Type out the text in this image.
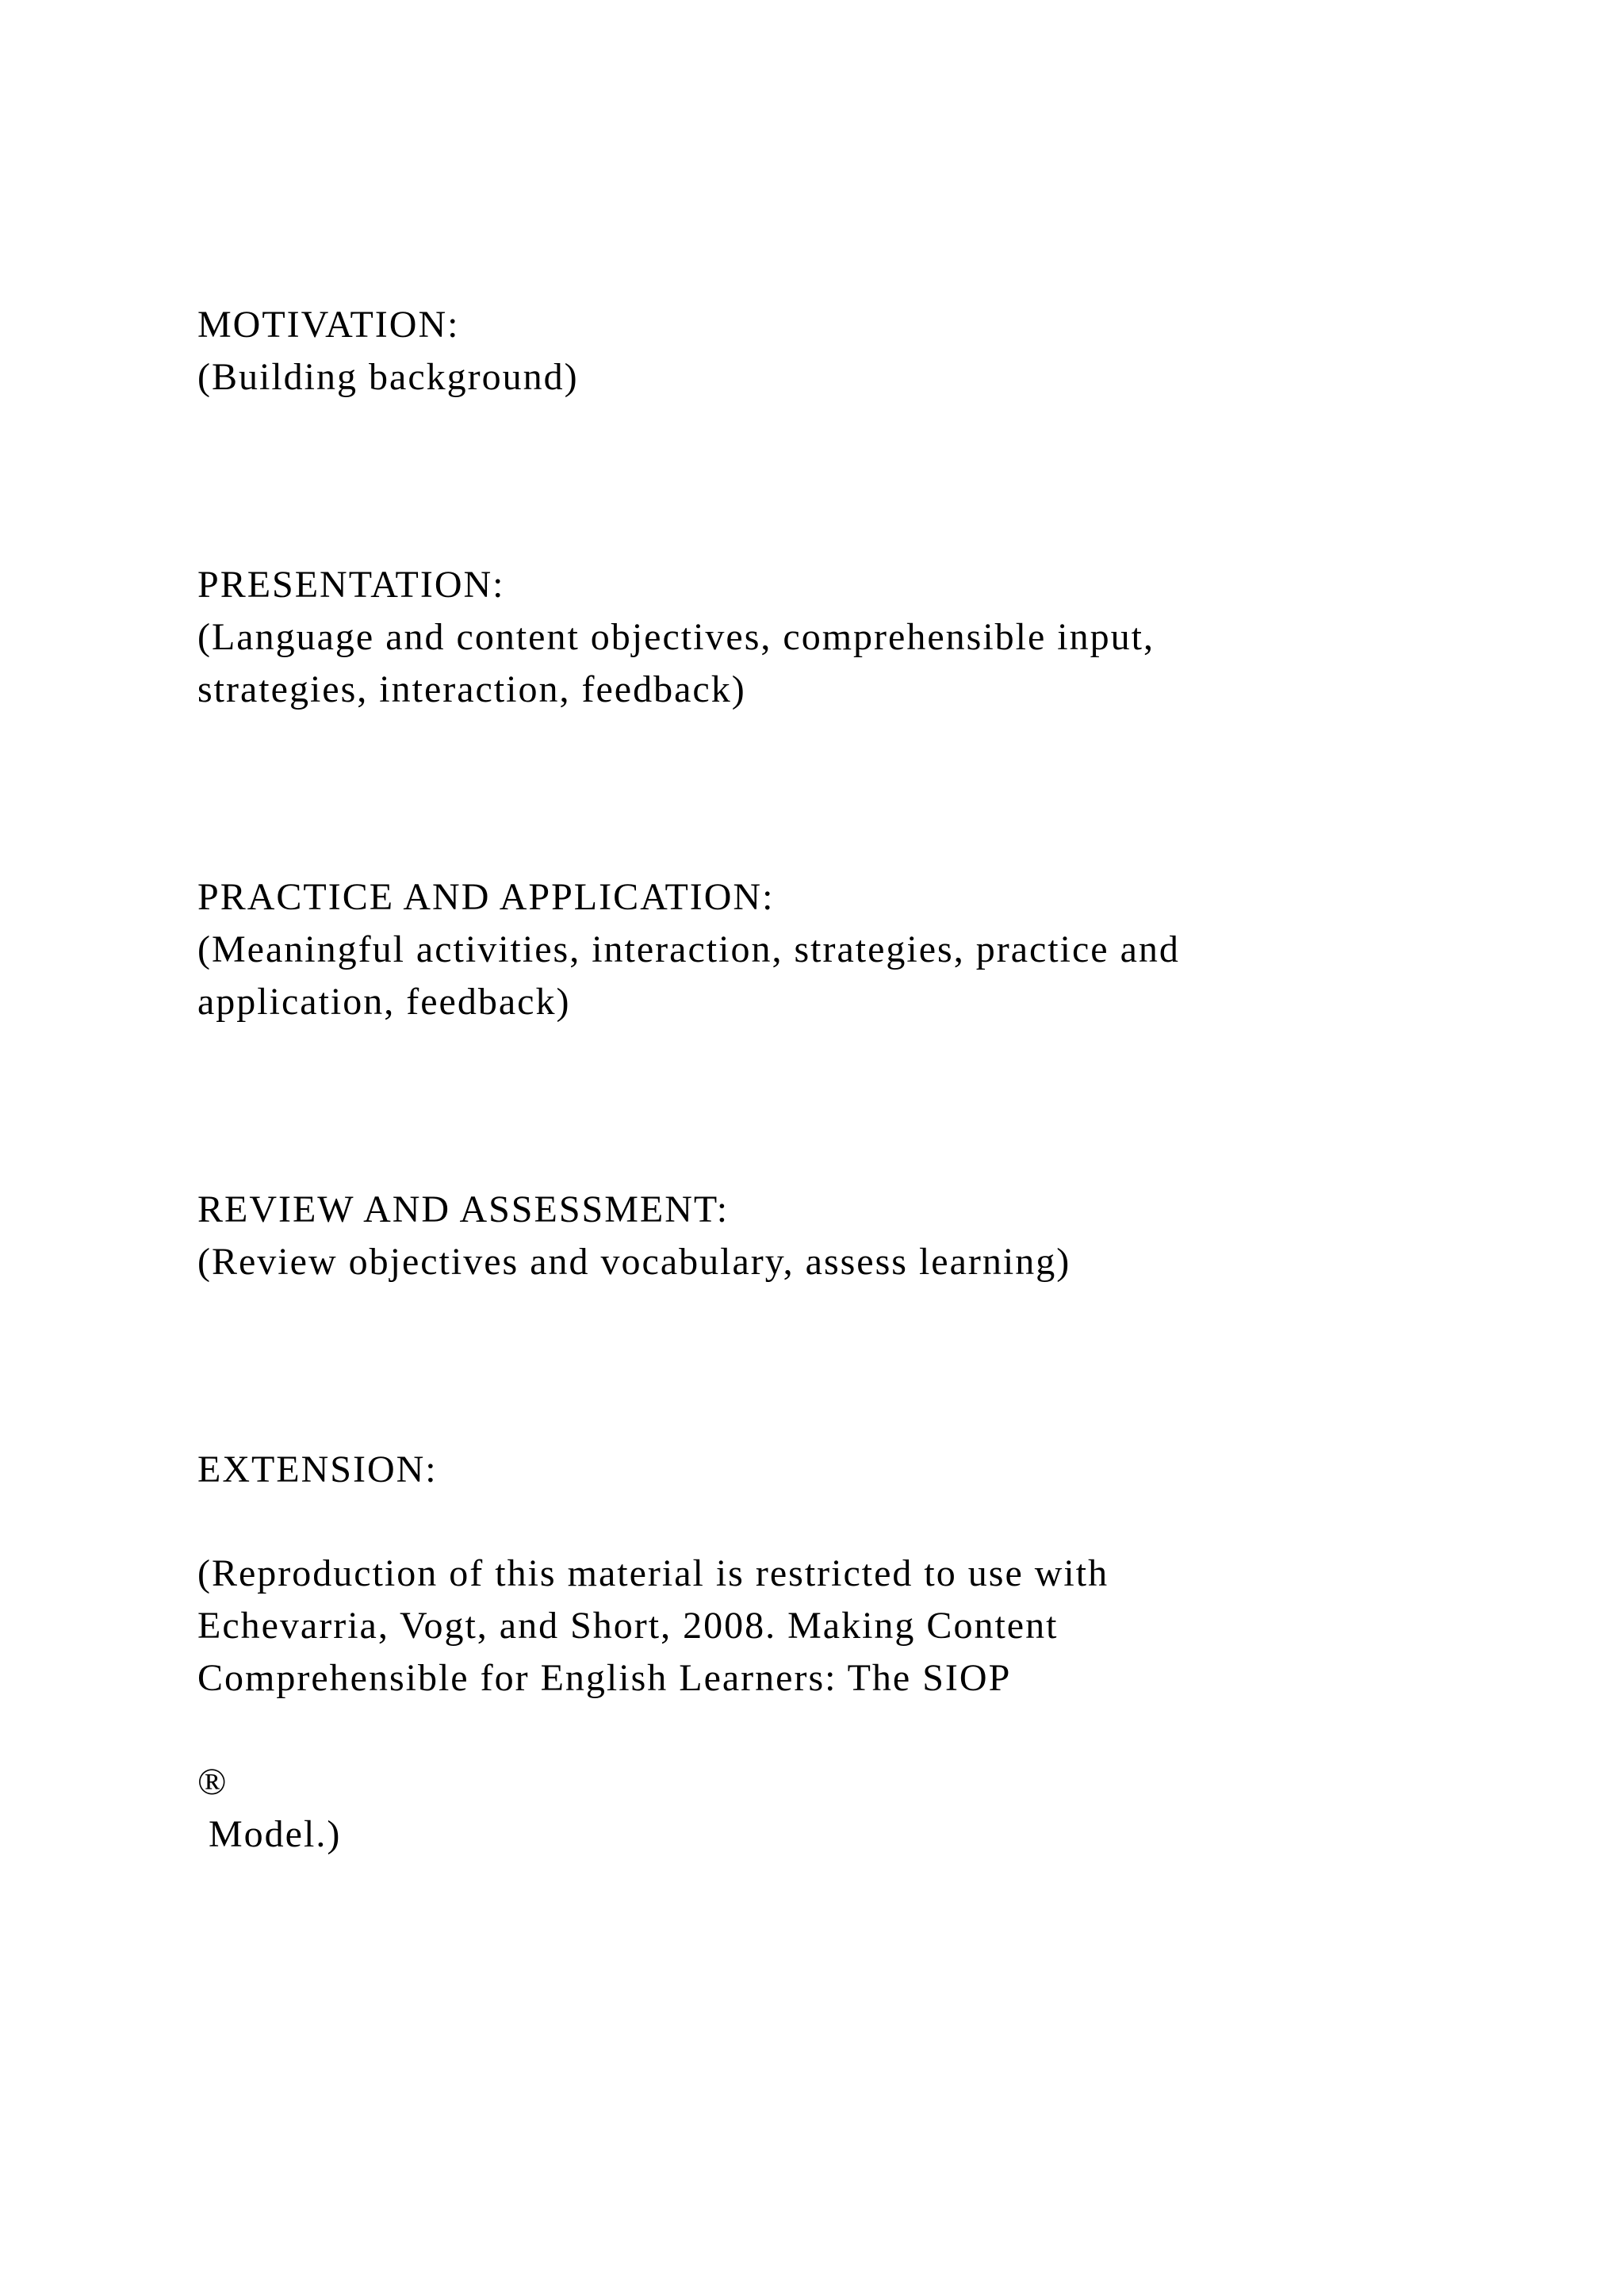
MOTIVATION:

(Building background)

PRESENTATION:

(Language and content objectives, comprehensible input,

strategies, interaction, feedback)

PRACTICE AND APPLICATION:

(Meaningful activities, interaction, strategies, practice and

application, feedback)

REVIEW AND ASSESSMENT:

(Review objectives and vocabulary, assess learning)

EXTENSION:

(Reproduction of this material is restricted to use with

Echevarria, Vogt, and Short, 2008. Making Content

Comprehensible for English Learners: The SIOP

®

Model.)
